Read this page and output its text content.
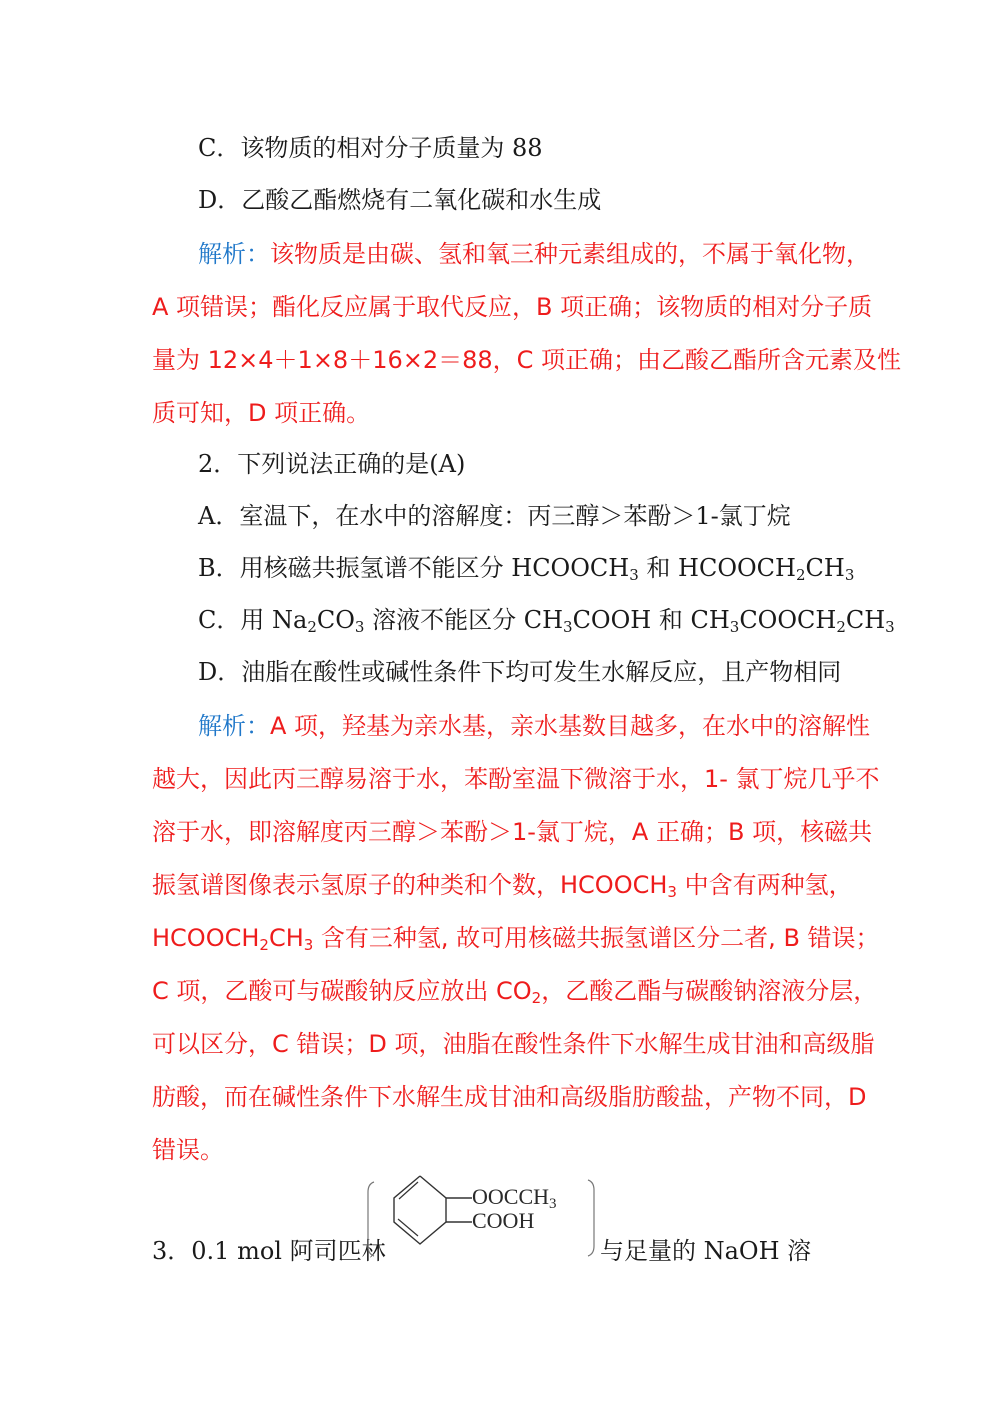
C．该物质的相对分子质量为 88
D．乙酸乙酯燃烧有二氧化碳和水生成
解析：该物质是由碳、氢和氧三种元素组成的，不属于氧化物，
A 项错误；酯化反应属于取代反应，B 项正确；该物质的相对分子质
量为 12×4＋1×8＋16×2＝88，C 项正确；由乙酸乙酯所含元素及性
质可知，D 项正确。
2．下列说法正确的是(A)
A．室温下，在水中的溶解度：丙三醇＞苯酚＞1-氯丁烷
B．用核磁共振氢谱不能区分 $HCOOCH_3$ 和 $HCOOCH_2CH_3$
C．用 $Na_2CO_3$ 溶液不能区分 $CH_3COOH$ 和 $CH_3COOCH_2CH_3$
D．油脂在酸性或碱性条件下均可发生水解反应，且产物相同
解析：A 项，羟基为亲水基，亲水基数目越多，在水中的溶解性
越大，因此丙三醇易溶于水，苯酚室温下微溶于水，1- 氯丁烷几乎不
溶于水，即溶解度丙三醇＞苯酚＞1-氯丁烷，A 正确；B 项，核磁共
振氢谱图像表示氢原子的种类和个数，$HCOOCH_3$ 中含有两种氢，
$HCOOCH_2CH_3$ 含有三种氢, 故可用核磁共振氢谱区分二者, B 错误；
C 项，乙酸可与碳酸钠反应放出 $CO_2$，乙酸乙酯与碳酸钠溶液分层，
可以区分，C 错误；D 项，油脂在酸性条件下水解生成甘油和高级脂
肪酸，而在碱性条件下水解生成甘油和高级脂肪酸盐，产物不同，D
错误。
3．0.1 mol 阿司匹林
$OOCCH_3$
COOH
与足量的 NaOH 溶
